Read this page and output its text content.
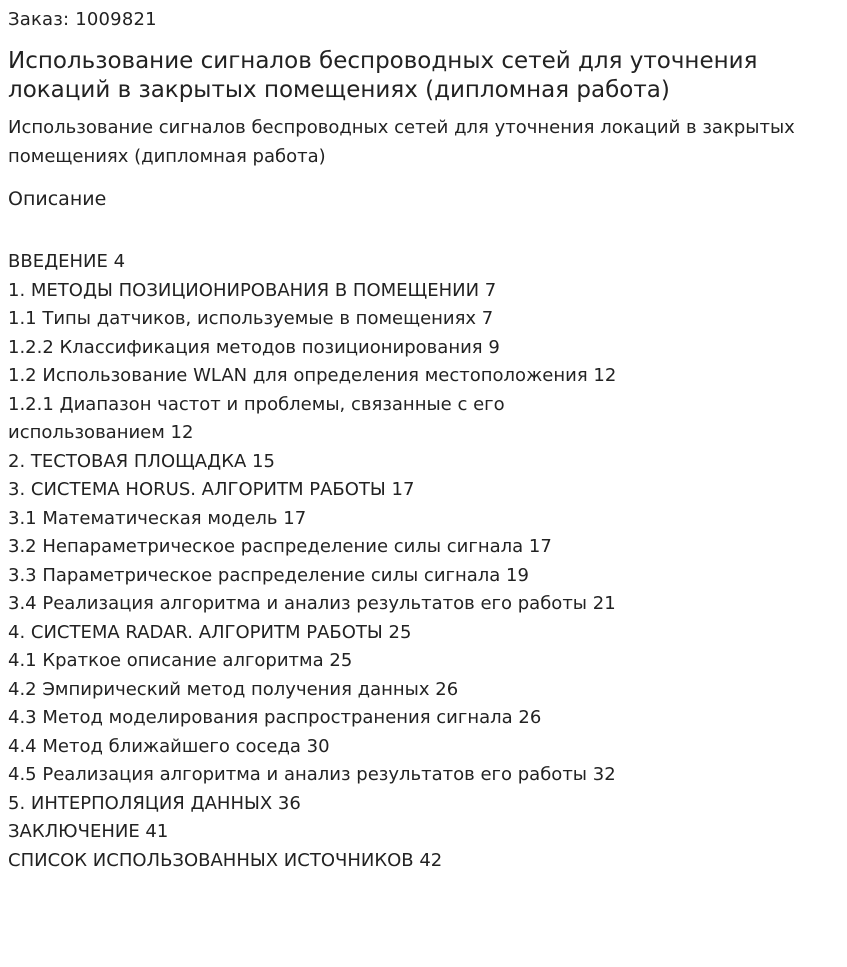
Заказ: 1009821
Использование сигналов беспроводных сетей для уточнения локаций в закрытых помещениях (дипломная работа)
Использование сигналов беспроводных сетей для уточнения локаций в закрытых помещениях (дипломная работа)
Описание
ВВЕДЕНИЕ 4
1. МЕТОДЫ ПОЗИЦИОНИРОВАНИЯ В ПОМЕЩЕНИИ 7
1.1 Типы датчиков, используемые в помещениях 7
1.2.2 Классификация методов позиционирования 9
1.2 Использование WLAN для определения местоположения 12
1.2.1 Диапазон частот и проблемы, связанные с его использованием 12
2. ТЕСТОВАЯ ПЛОЩАДКА 15
3. СИСТЕМА HORUS. АЛГОРИТМ РАБОТЫ 17
3.1 Математическая модель 17
3.2 Непараметрическое распределение силы сигнала 17
3.3 Параметрическое распределение силы сигнала 19
3.4 Реализация алгоритма и анализ результатов его работы 21
4. СИСТЕМА RADAR. АЛГОРИТМ РАБОТЫ 25
4.1 Краткое описание алгоритма 25
4.2 Эмпирический метод получения данных 26
4.3 Метод моделирования распространения сигнала 26
4.4 Метод ближайшего соседа 30
4.5 Реализация алгоритма и анализ результатов его работы 32
5. ИНТЕРПОЛЯЦИЯ ДАННЫХ 36
ЗАКЛЮЧЕНИЕ 41
СПИСОК ИСПОЛЬЗОВАННЫХ ИСТОЧНИКОВ 42
